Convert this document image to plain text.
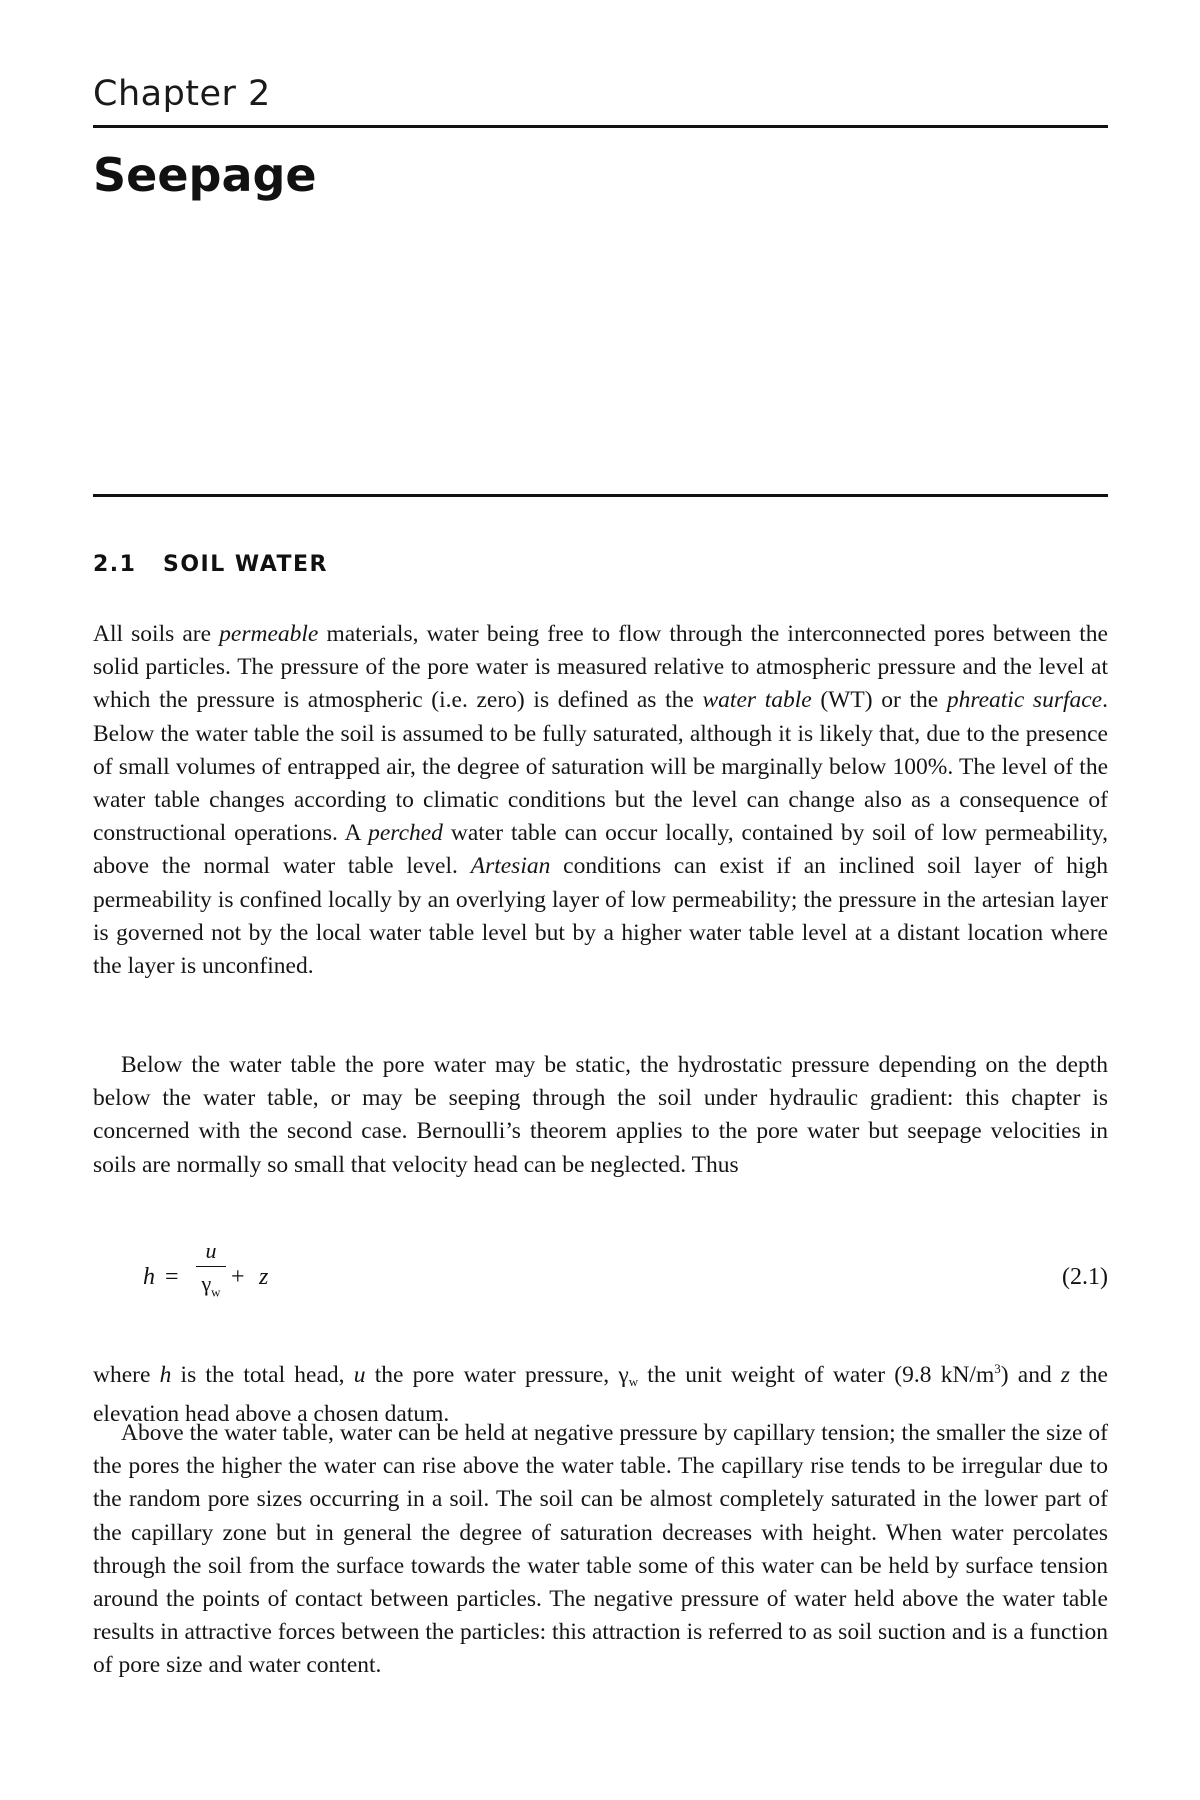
Chapter 2
Seepage
2.1 SOIL WATER

All soils are permeable materials, water being free to flow through the interconnected pores between the solid particles. The pressure of the pore water is measured relative to atmospheric pressure and the level at which the pressure is atmospheric (i.e. zero) is defined as the water table (WT) or the phreatic surface. Below the water table the soil is assumed to be fully saturated, although it is likely that, due to the presence of small volumes of entrapped air, the degree of saturation will be marginally below 100%. The level of the water table changes according to climatic conditions but the level can change also as a consequence of constructional operations. A perched water table can occur locally, contained by soil of low permeability, above the normal water table level. Artesian conditions can exist if an inclined soil layer of high permeability is confined locally by an overlying layer of low permeability; the pressure in the artesian layer is governed not by the local water table level but by a higher water table level at a distant location where the layer is unconfined.

Below the water table the pore water may be static, the hydrostatic pressure depending on the depth below the water table, or may be seeping through the soil under hydraulic gradient: this chapter is concerned with the second case. Bernoulli’s theorem applies to the pore water but seepage velocities in soils are normally so small that velocity head can be neglected. Thus

h =
u
$\gamma_w$
+ z	(2.1)

where h is the total head, u the pore water pressure, $\gamma_w$ the unit weight of water (9.8 $kN/m^3$) and z the elevation head above a chosen datum.

Above the water table, water can be held at negative pressure by capillary tension; the smaller the size of the pores the higher the water can rise above the water table. The capillary rise tends to be irregular due to the random pore sizes occurring in a soil. The soil can be almost completely saturated in the lower part of the capillary zone but in general the degree of saturation decreases with height. When water percolates through the soil from the surface towards the water table some of this water can be held by surface tension around the points of contact between particles. The negative pressure of water held above the water table results in attractive forces between the particles: this attraction is referred to as soil suction and is a function of pore size and water content.
